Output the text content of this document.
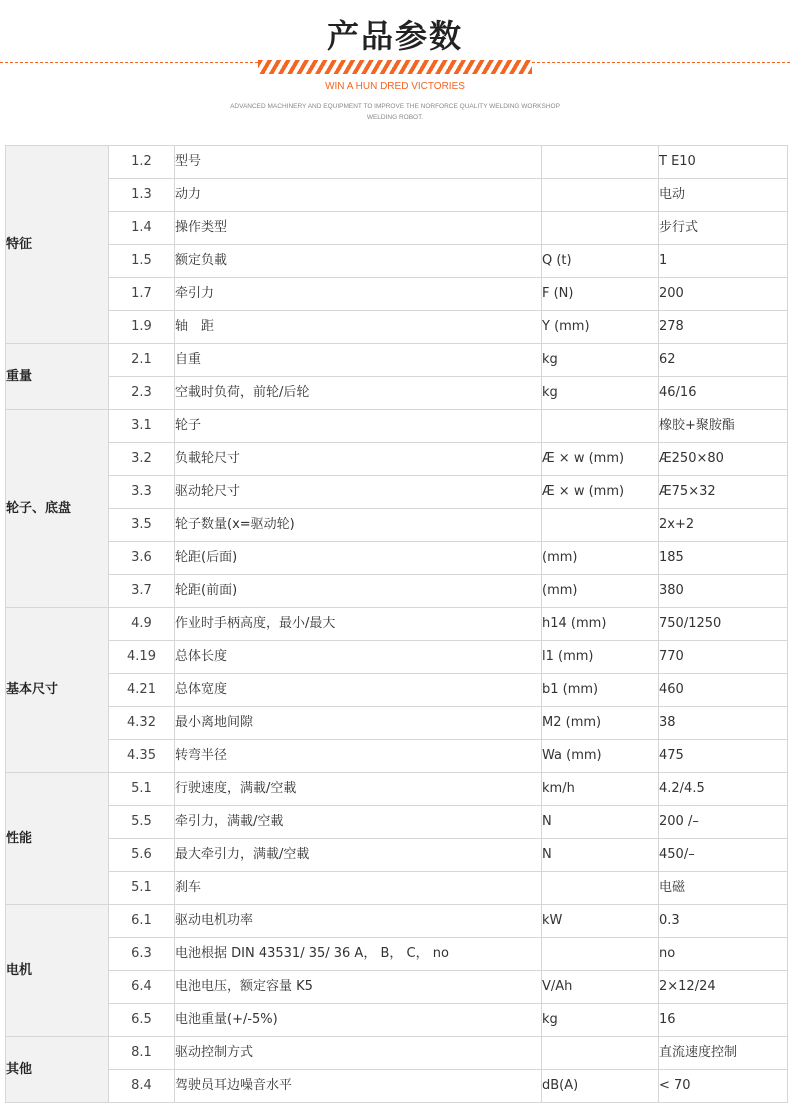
产品参数
WIN A HUN DRED VICTORIES
ADVANCED MACHINERY AND EQUIPMENT TO IMPROVE THE NORFORCE QUALITY WELDING WORKSHOP
WELDING ROBOT.
特征	1.2	型号		T E10
	1.3	动力		电动
	1.4	操作类型		步行式
	1.5	额定负載	Q (t)	1
	1.7	牵引力	F (N)	200
	1.9	轴　距	Y (mm)	278
重量	2.1	自重	kg	62
	2.3	空載时负荷，前轮/后轮	kg	46/16
轮子、底盘	3.1	轮子		橡胶+聚胺酯
	3.2	负載轮尺寸	Æ × w (mm)	Æ250×80
	3.3	驱动轮尺寸	Æ × w (mm)	Æ75×32
	3.5	轮子数量(x=驱动轮)		2x+2
	3.6	轮距(后面)	(mm)	185
	3.7	轮距(前面)	(mm)	380
基本尺寸	4.9	作业时手柄高度，最小/最大	h14 (mm)	750/1250
	4.19	总体长度	l1 (mm)	770
	4.21	总体宽度	b1 (mm)	460
	4.32	最小离地间隙	M2 (mm)	38
	4.35	转弯半径	Wa (mm)	475
性能	5.1	行驶速度，满載/空載	km/h	4.2/4.5
	5.5	牵引力，满載/空載	N	200 /–
	5.6	最大牵引力，满載/空載	N	450/–
	5.1	刹车		电磁
电机	6.1	驱动电机功率	kW	0.3
	6.3	电池根据 DIN 43531/ 35/ 36 A， B， C， no		no
	6.4	电池电压，额定容量 K5	V/Ah	2×12/24
	6.5	电池重量(+/-5%)	kg	16
其他	8.1	驱动控制方式		直流速度控制
	8.4	驾驶员耳边噪音水平	dB(A)	< 70
